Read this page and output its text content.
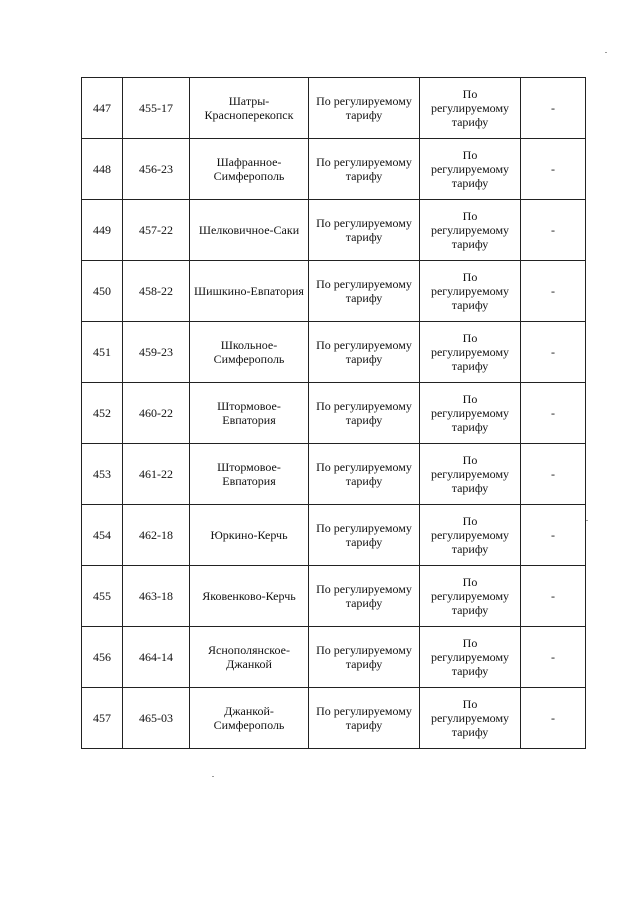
447	455-17	Шатры-Красноперекопск	По регулируемому тарифу	По регулируемому тарифу	-
448	456-23	Шафранное-Симферополь	По регулируемому тарифу	По регулируемому тарифу	-
449	457-22	Шелковичное-Саки	По регулируемому тарифу	По регулируемому тарифу	-
450	458-22	Шишкино-Евпатория	По регулируемому тарифу	По регулируемому тарифу	-
451	459-23	Школьное-Симферополь	По регулируемому тарифу	По регулируемому тарифу	-
452	460-22	Штормовое-Евпатория	По регулируемому тарифу	По регулируемому тарифу	-
453	461-22	Штормовое-Евпатория	По регулируемому тарифу	По регулируемому тарифу	-
454	462-18	Юркино-Керчь	По регулируемому тарифу	По регулируемому тарифу	-
455	463-18	Яковенково-Керчь	По регулируемому тарифу	По регулируемому тарифу	-
456	464-14	Яснополянское-Джанкой	По регулируемому тарифу	По регулируемому тарифу	-
457	465-03	Джанкой-Симферополь	По регулируемому тарифу	По регулируемому тарифу	-
